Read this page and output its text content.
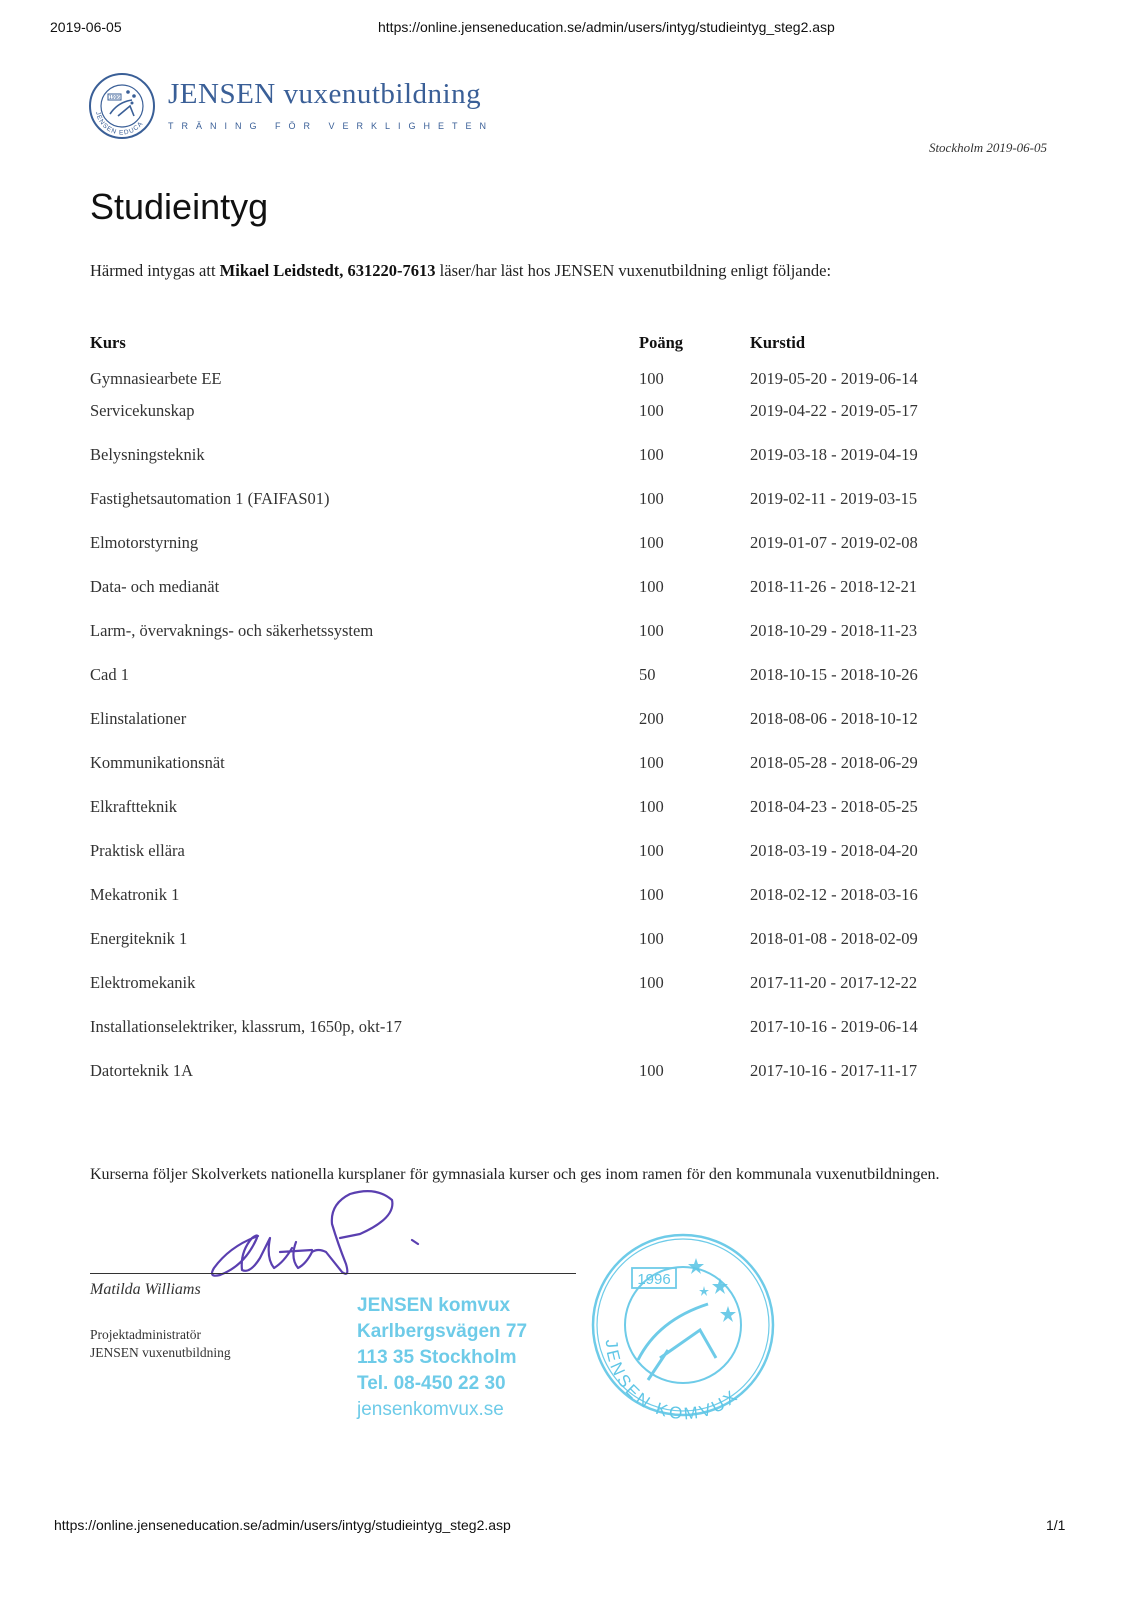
2019-06-05	https://online.jenseneducation.se/admin/users/intyg/studieintyg_steg2.asp
1996
JENSEN EDUCA
JENSEN vuxenutbildning
TRÄNING FÖR VERKLIGHETEN
Stockholm 2019-06-05
Studieintyg
Härmed intygas att Mikael Leidstedt, 631220-7613 läser/har läst hos JENSEN vuxenutbildning enligt följande:
Kurs	Poäng	Kurstid
Gymnasiearbete EE	100	2019-05-20 - 2019-06-14
Servicekunskap	100	2019-04-22 - 2019-05-17
Belysningsteknik	100	2019-03-18 - 2019-04-19
Fastighetsautomation 1 (FAIFAS01)	100	2019-02-11 - 2019-03-15
Elmotorstyrning	100	2019-01-07 - 2019-02-08
Data- och medianät	100	2018-11-26 - 2018-12-21
Larm-, övervaknings- och säkerhetssystem	100	2018-10-29 - 2018-11-23
Cad 1	50	2018-10-15 - 2018-10-26
Elinstalationer	200	2018-08-06 - 2018-10-12
Kommunikationsnät	100	2018-05-28 - 2018-06-29
Elkraftteknik	100	2018-04-23 - 2018-05-25
Praktisk ellära	100	2018-03-19 - 2018-04-20
Mekatronik 1	100	2018-02-12 - 2018-03-16
Energiteknik 1	100	2018-01-08 - 2018-02-09
Elektromekanik	100	2017-11-20 - 2017-12-22
Installationselektriker, klassrum, 1650p, okt-17		2017-10-16 - 2019-06-14
Datorteknik 1A	100	2017-10-16 - 2017-11-17
Kurserna följer Skolverkets nationella kursplaner för gymnasiala kurser och ges inom ramen för den kommunala vuxenutbildningen.
Matilda Williams
Projektadministratör
JENSEN vuxenutbildning
JENSEN komvux
Karlbergsvägen 77
113 35 Stockholm
Tel. 08-450 22 30
jensenkomvux.se
1996
JENSEN KOMVUX
https://online.jenseneducation.se/admin/users/intyg/studieintyg_steg2.asp	1/1
